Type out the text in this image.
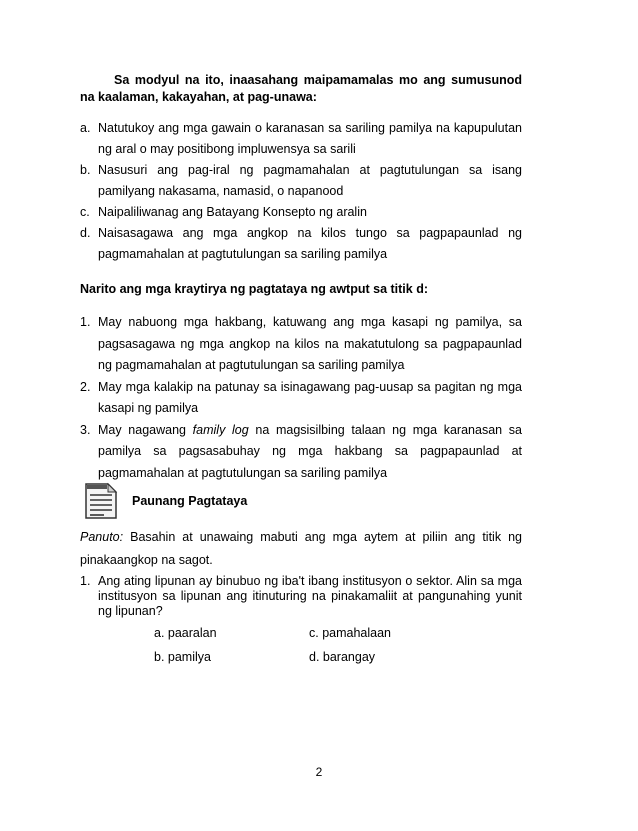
Sa modyul na ito, inaasahang maipamamalas mo ang sumusunod na kaalaman, kakayahan, at pag-unawa:
a. Natutukoy ang mga gawain o karanasan sa sariling pamilya na kapupulutan ng aral o may positibong impluwensya sa sarili
b. Nasusuri ang pag-iral ng pagmamahalan at pagtutulungan sa isang pamilyang nakasama, namasid, o napanood
c. Naipaliliwanag ang Batayang Konsepto ng aralin
d. Naisasagawa ang mga angkop na kilos tungo sa pagpapaunlad ng pagmamahalan at pagtutulungan sa sariling pamilya
Narito ang mga kraytirya ng pagtataya ng awtput sa titik d:
1. May nabuong mga hakbang, katuwang ang mga kasapi ng pamilya, sa pagsasagawa ng mga angkop na kilos na makatutulong sa pagpapaunlad ng pagmamahalan at pagtutulungan sa sariling pamilya
2. May mga kalakip na patunay sa isinagawang pag-uusap sa pagitan ng mga kasapi ng pamilya
3. May nagawang family log na magsisilbing talaan ng mga karanasan sa pamilya sa pagsasabuhay ng mga hakbang sa pagpapaunlad at pagmamahalan at pagtutulungan sa sariling pamilya
Paunang Pagtataya
Panuto: Basahin at unawaing mabuti ang mga aytem at piliin ang titik ng pinakaangkop na sagot.
1. Ang ating lipunan ay binubuo ng iba't ibang institusyon o sektor. Alin sa mga institusyon sa lipunan ang itinuturing na pinakamaliit at pangunahing yunit ng lipunan?
a. paaralan	c. pamahalaan
b. pamilya	d. barangay
2
